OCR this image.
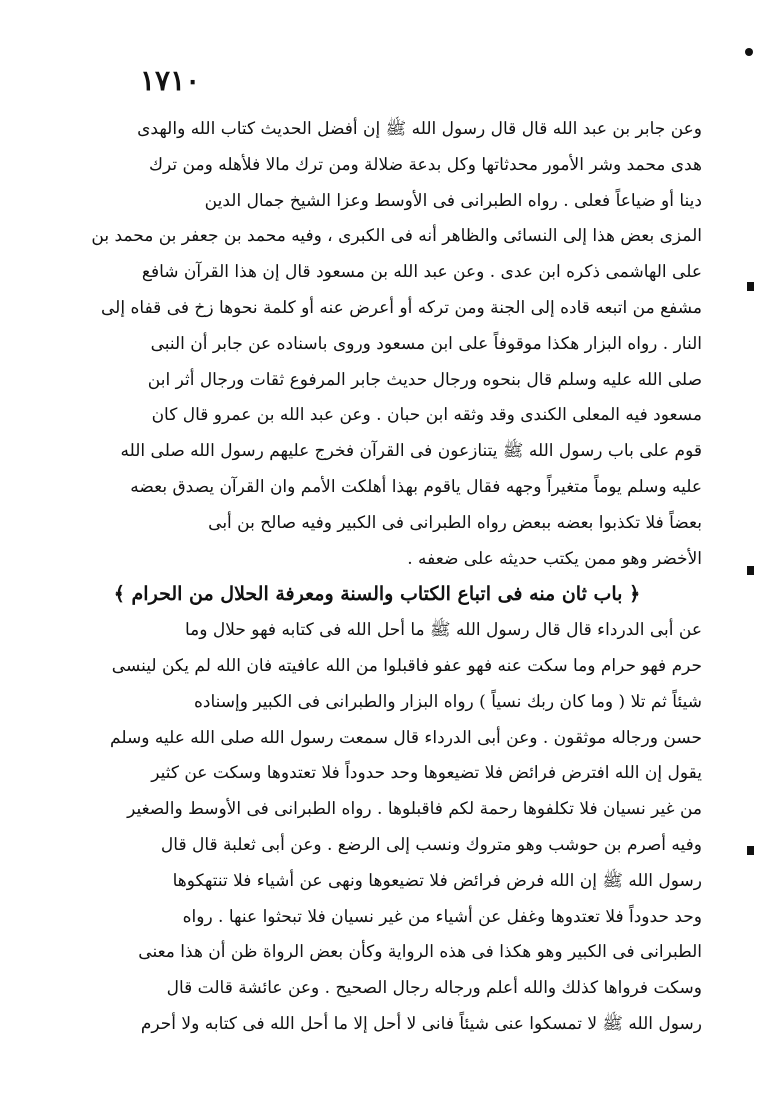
١٧١٠
وعن جابر بن عبد الله قال قال رسول الله ﷺ إن أفضل الحديث كتاب الله والهدى
هدى محمد وشر الأمور محدثاتها وكل بدعة ضلالة ومن ترك مالا فلأهله ومن ترك
دينا أو ضياعاً فعلى . رواه الطبرانى فى الأوسط وعزا الشيخ جمال الدين
المزى بعض هذا إلى النسائى والظاهر أنه فى الكبرى ، وفيه محمد بن جعفر بن محمد بن
على الهاشمى ذكره ابن عدى . وعن عبد الله بن مسعود قال إن هذا القرآن شافع
مشفع من اتبعه قاده إلى الجنة ومن تركه أو أعرض عنه أو كلمة نحوها زخ فى قفاه إلى
النار . رواه البزار هكذا موقوفاً على ابن مسعود وروى باسناده عن جابر أن النبى
صلى الله عليه وسلم قال بنحوه ورجال حديث جابر المرفوع ثقات ورجال أثر ابن
مسعود فيه المعلى الكندى وقد وثقه ابن حبان . وعن عبد الله بن عمرو قال كان
قوم على باب رسول الله ﷺ يتنازعون فى القرآن فخرج عليهم رسول الله صلى الله
عليه وسلم يوماً متغيراً وجهه فقال ياقوم بهذا أهلكت الأمم وان القرآن يصدق بعضه
بعضاً فلا تكذبوا بعضه ببعض رواه الطبرانى فى الكبير وفيه صالح بن أبى
الأخضر وهو ممن يكتب حديثه على ضعفه .
﴿ باب ثان منه فى اتباع الكتاب والسنة ومعرفة الحلال من الحرام ﴾
عن أبى الدرداء قال قال رسول الله ﷺ ما أحل الله فى كتابه فهو حلال وما
حرم فهو حرام وما سكت عنه فهو عفو فاقبلوا من الله عافيته فان الله لم يكن لينسى
شيئاً ثم تلا ( وما كان ربك نسياً ) رواه البزار والطبرانى فى الكبير وإسناده
حسن ورجاله موثقون . وعن أبى الدرداء قال سمعت رسول الله صلى الله عليه وسلم
يقول إن الله افترض فرائض فلا تضيعوها وحد حدوداً فلا تعتدوها وسكت عن كثير
من غير نسيان فلا تكلفوها رحمة لكم فاقبلوها . رواه الطبرانى فى الأوسط والصغير
وفيه أصرم بن حوشب وهو متروك ونسب إلى الرضع . وعن أبى ثعلبة قال قال
رسول الله ﷺ إن الله فرض فرائض فلا تضيعوها ونهى عن أشياء فلا تنتهكوها
وحد حدوداً فلا تعتدوها وغفل عن أشياء من غير نسيان فلا تبحثوا عنها . رواه
الطبرانى فى الكبير وهو هكذا فى هذه الرواية وكأن بعض الرواة ظن أن هذا معنى
وسكت فرواها كذلك والله أعلم ورجاله رجال الصحيح . وعن عائشة قالت قال
رسول الله ﷺ لا تمسكوا عنى شيئاً فانى لا أحل إلا ما أحل الله فى كتابه ولا أحرم
